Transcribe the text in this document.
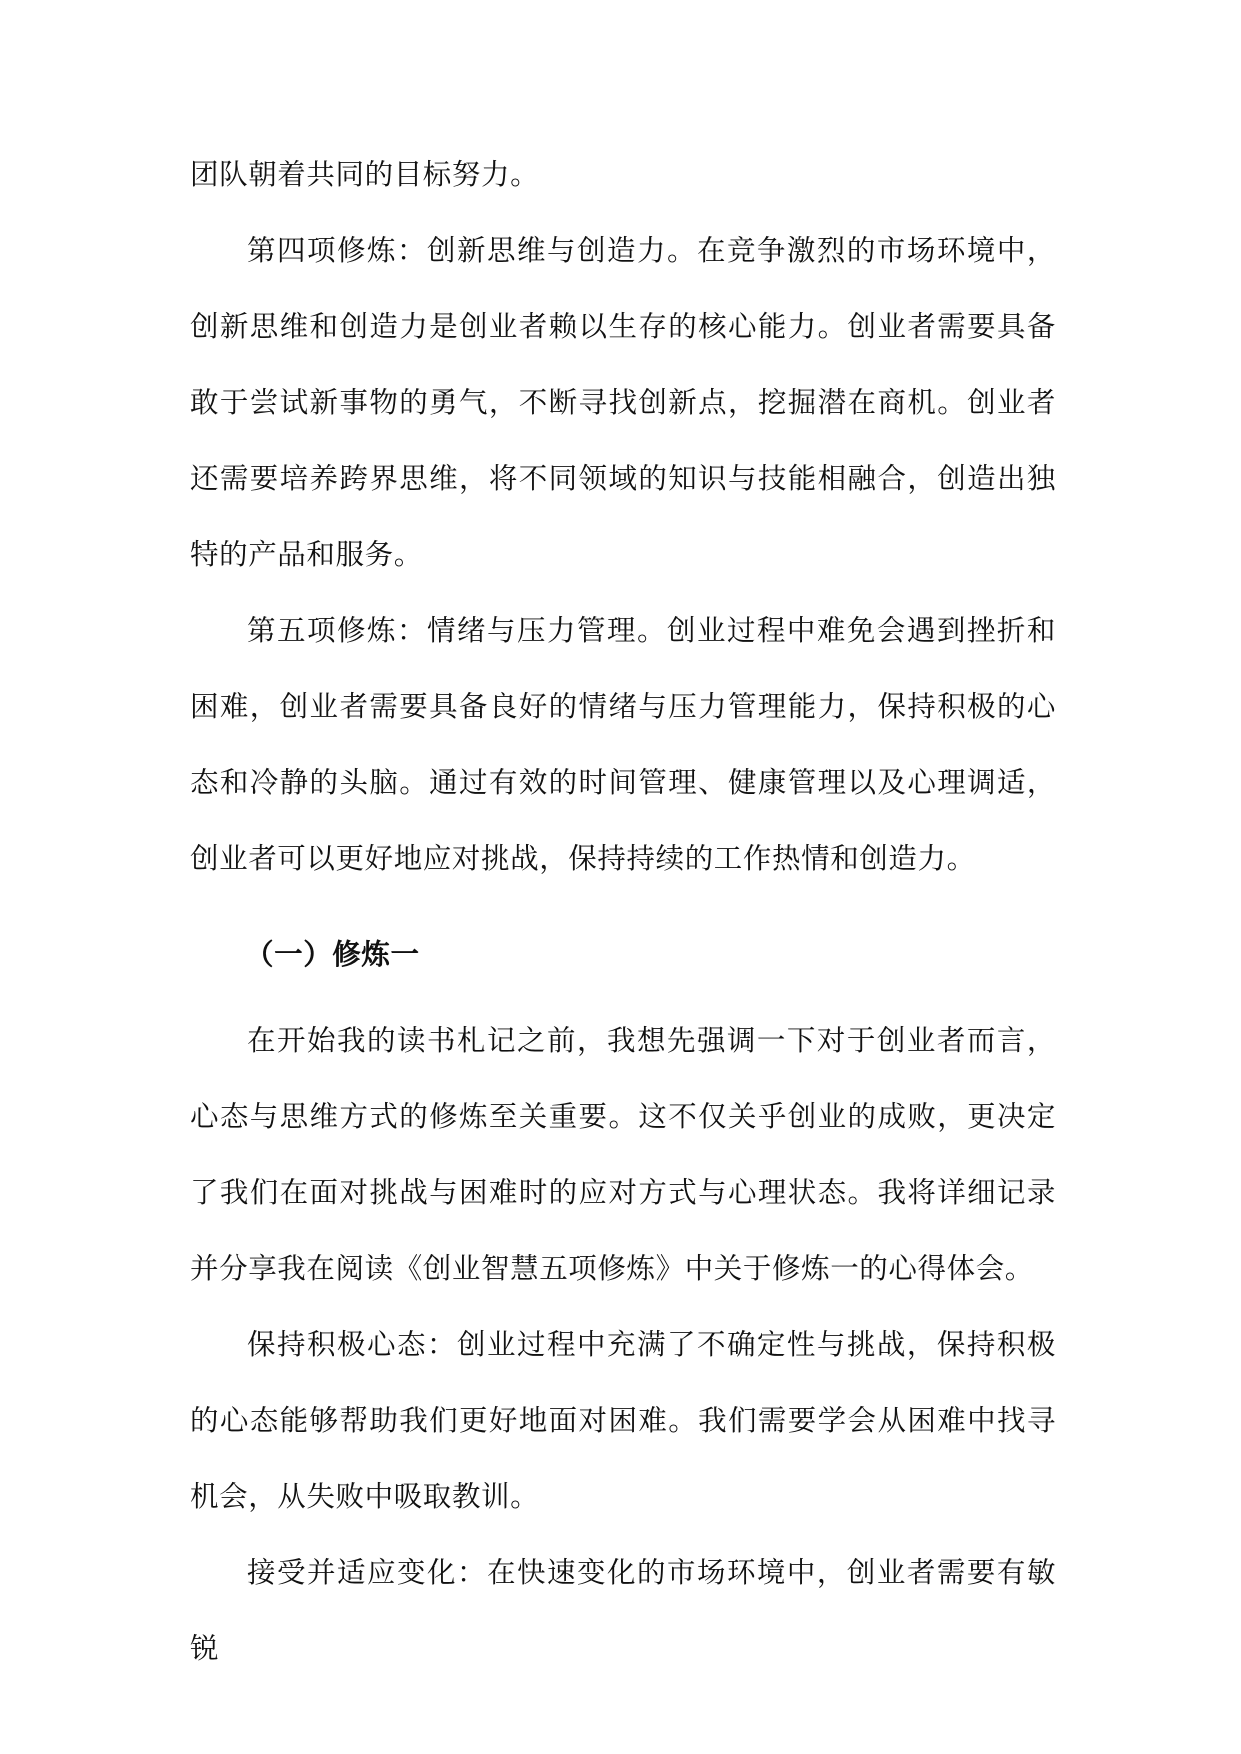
团队朝着共同的目标努力。

第四项修炼：创新思维与创造力。在竞争激烈的市场环境中，创新思维和创造力是创业者赖以生存的核心能力。创业者需要具备敢于尝试新事物的勇气，不断寻找创新点，挖掘潜在商机。创业者还需要培养跨界思维，将不同领域的知识与技能相融合，创造出独特的产品和服务。

第五项修炼：情绪与压力管理。创业过程中难免会遇到挫折和困难，创业者需要具备良好的情绪与压力管理能力，保持积极的心态和冷静的头脑。通过有效的时间管理、健康管理以及心理调适，创业者可以更好地应对挑战，保持持续的工作热情和创造力。

（一）修炼一

在开始我的读书札记之前，我想先强调一下对于创业者而言，心态与思维方式的修炼至关重要。这不仅关乎创业的成败，更决定了我们在面对挑战与困难时的应对方式与心理状态。我将详细记录并分享我在阅读《创业智慧五项修炼》中关于修炼一的心得体会。

保持积极心态：创业过程中充满了不确定性与挑战，保持积极的心态能够帮助我们更好地面对困难。我们需要学会从困难中找寻机会，从失败中吸取教训。

接受并适应变化：在快速变化的市场环境中，创业者需要有敏锐
